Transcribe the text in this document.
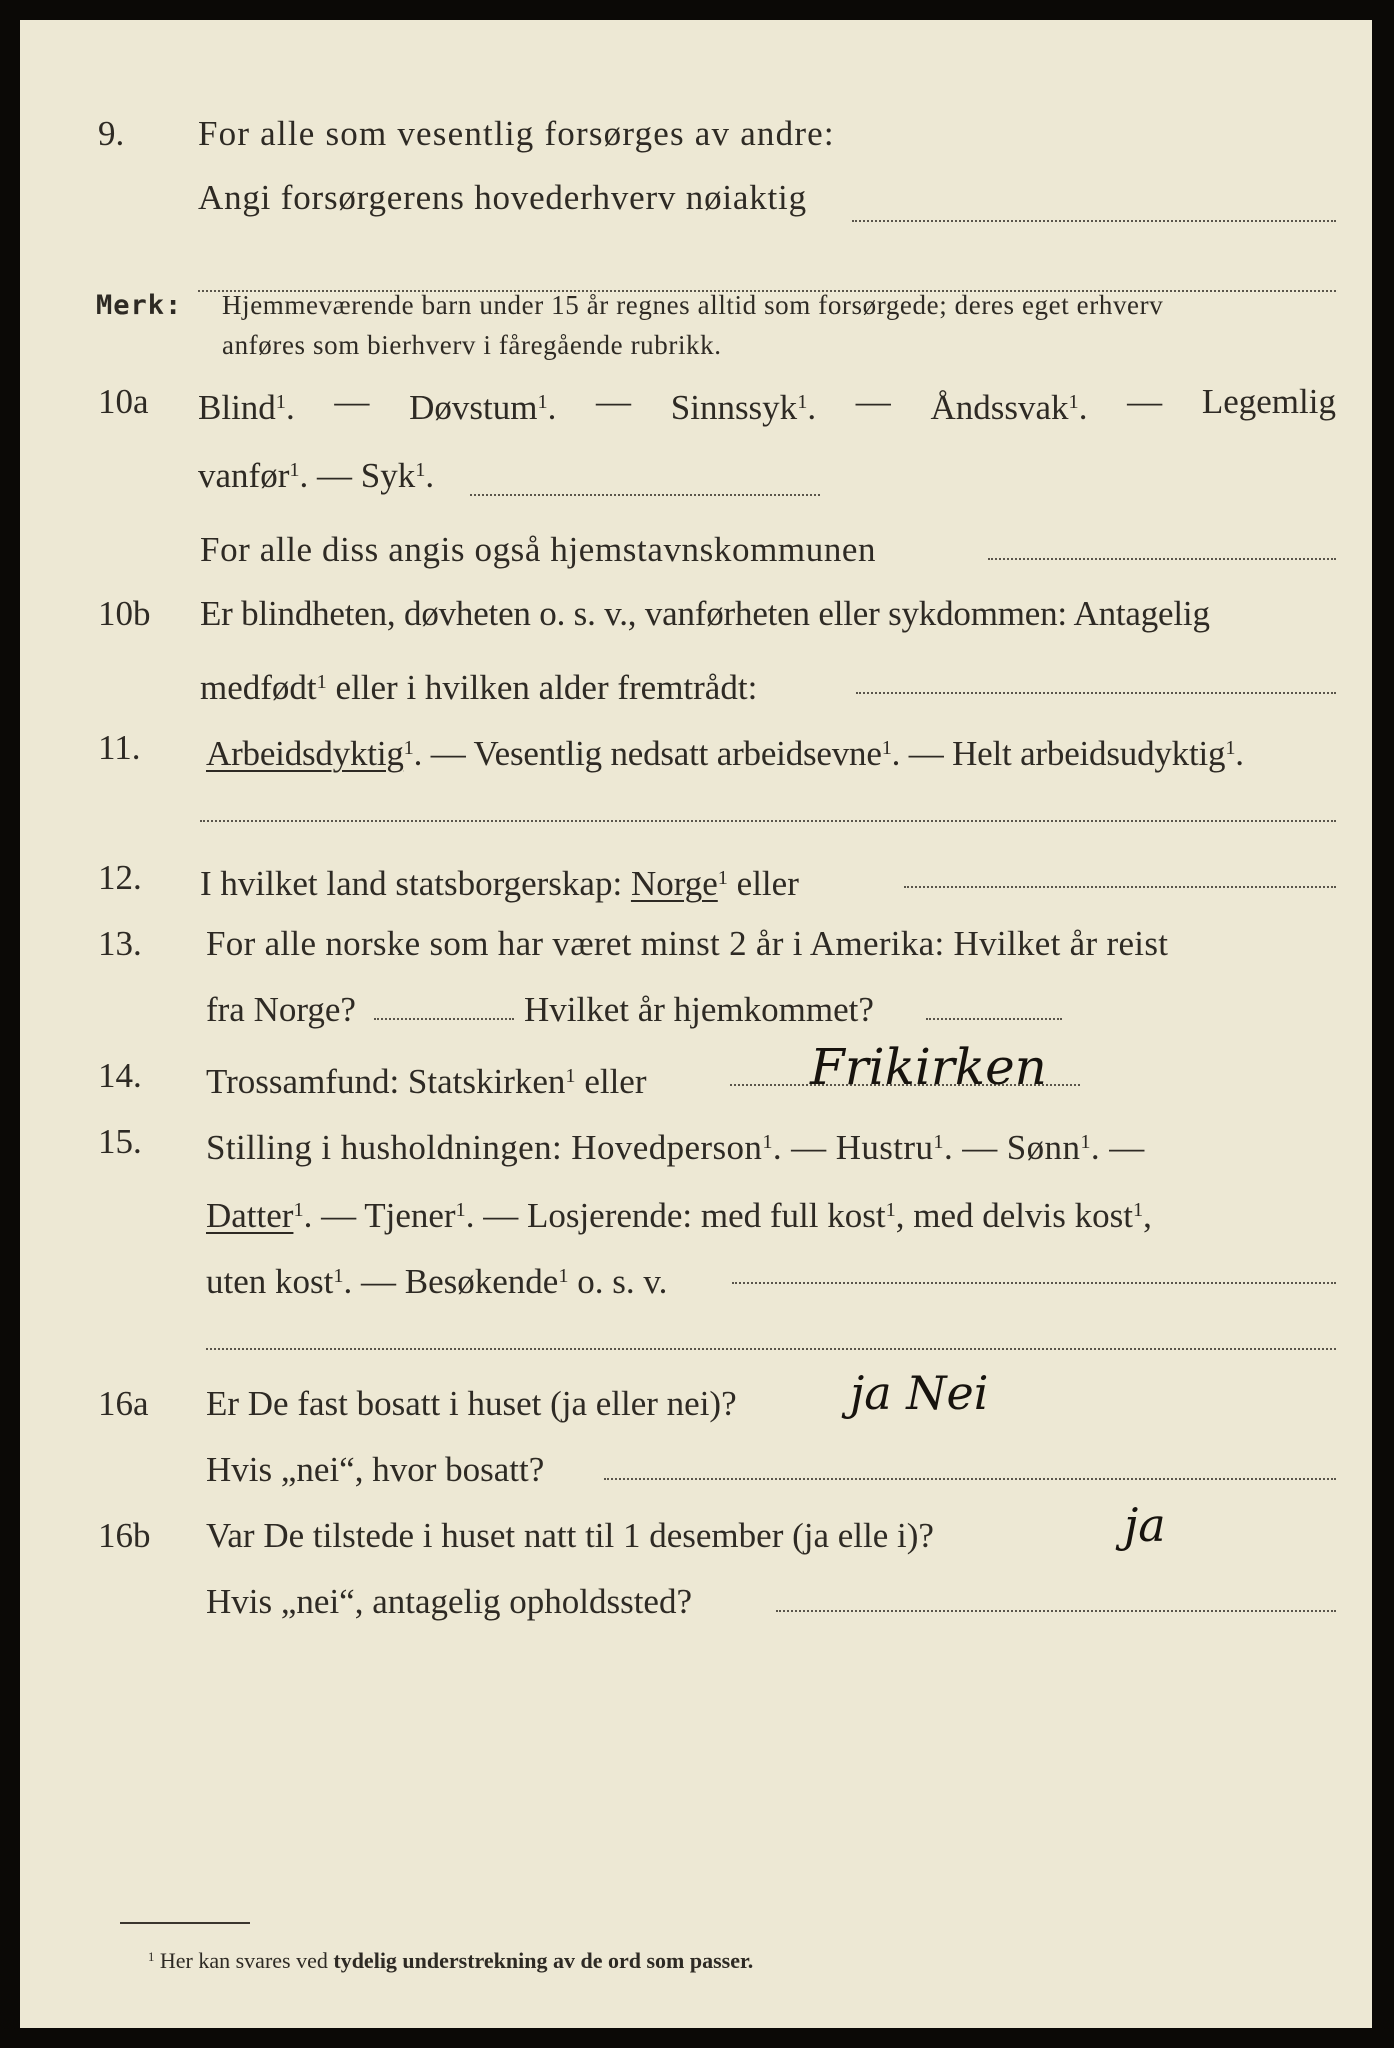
9. For alle som vesentlig forsørges av andre:
Angi forsørgerens hovederhverv nøiaktig
Merk: Hjemmeværende barn under 15 år regnes alltid som forsørgede; deres eget erhverv
anføres som bierhverv i fåregående rubrikk.
10a Blind$^1$. — Døvstum$^1$. — Sinnssyk$^1$. — Åndssvak$^1$. — Legemlig
vanfør$^1$. — Syk$^1$.
For alle diss angis også hjemstavnskommunen
10b Er blindheten, døvheten o. s. v., vanførheten eller sykdommen: Antagelig
medfødt$^1$ eller i hvilken alder fremtrådt:
11. Arbeidsdyktig$^1$. — Vesentlig nedsatt arbeidsevne$^1$. — Helt arbeidsudyktig$^1$.
12. I hvilket land statsborgerskap: Norge$^1$ eller
13. For alle norske som har været minst 2 år i Amerika: Hvilket år reist
fra Norge?	Hvilket år hjemkommet?
14. Trossamfund: Statskirken$^1$ eller	Frikirken
15. Stilling i husholdningen: Hovedperson$^1$. — Hustru$^1$. — Sønn$^1$. —
Datter$^1$. — Tjener$^1$. — Losjerende: med full kost$^1$, med delvis kost$^1$,
uten kost$^1$. — Besøkende$^1$ o. s. v.
16a Er De fast bosatt i huset (ja eller nei)? ja Nei
Hvis „nei“, hvor bosatt?
16b Var De tilstede i huset natt til 1 desember (ja elle i)?	ja
Hvis „nei“, antagelig opholdssted?
$^1$ Her kan svares ved tydelig understrekning av de ord som passer.
